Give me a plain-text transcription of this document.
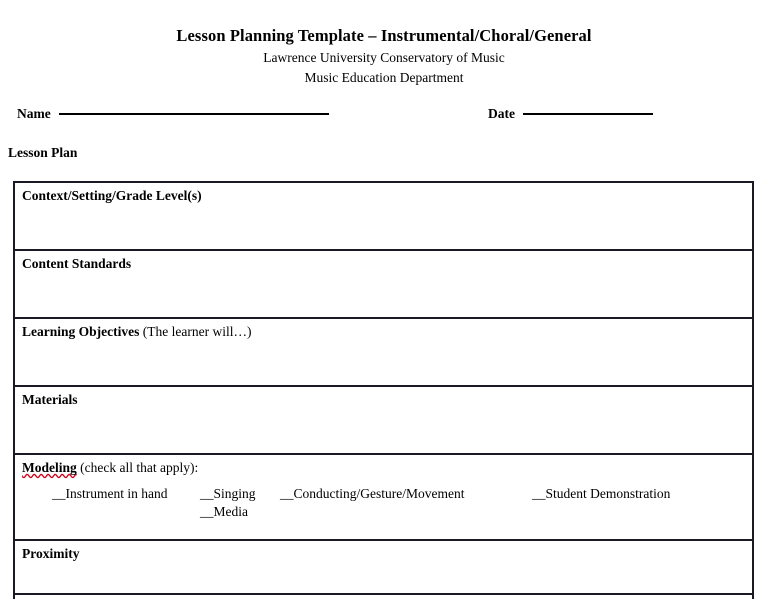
Lesson Planning Template – Instrumental/Choral/General
Lawrence University Conservatory of Music
Music Education Department
Name	Date
Lesson Plan
Context/Setting/Grade Level(s)

Content Standards

Learning Objectives (The learner will…)

Materials

Modeling (check all that apply):
__Instrument in hand	__Singing
__Media
__Conducting/Gesture/Movement	__Student Demonstration

Proximity
